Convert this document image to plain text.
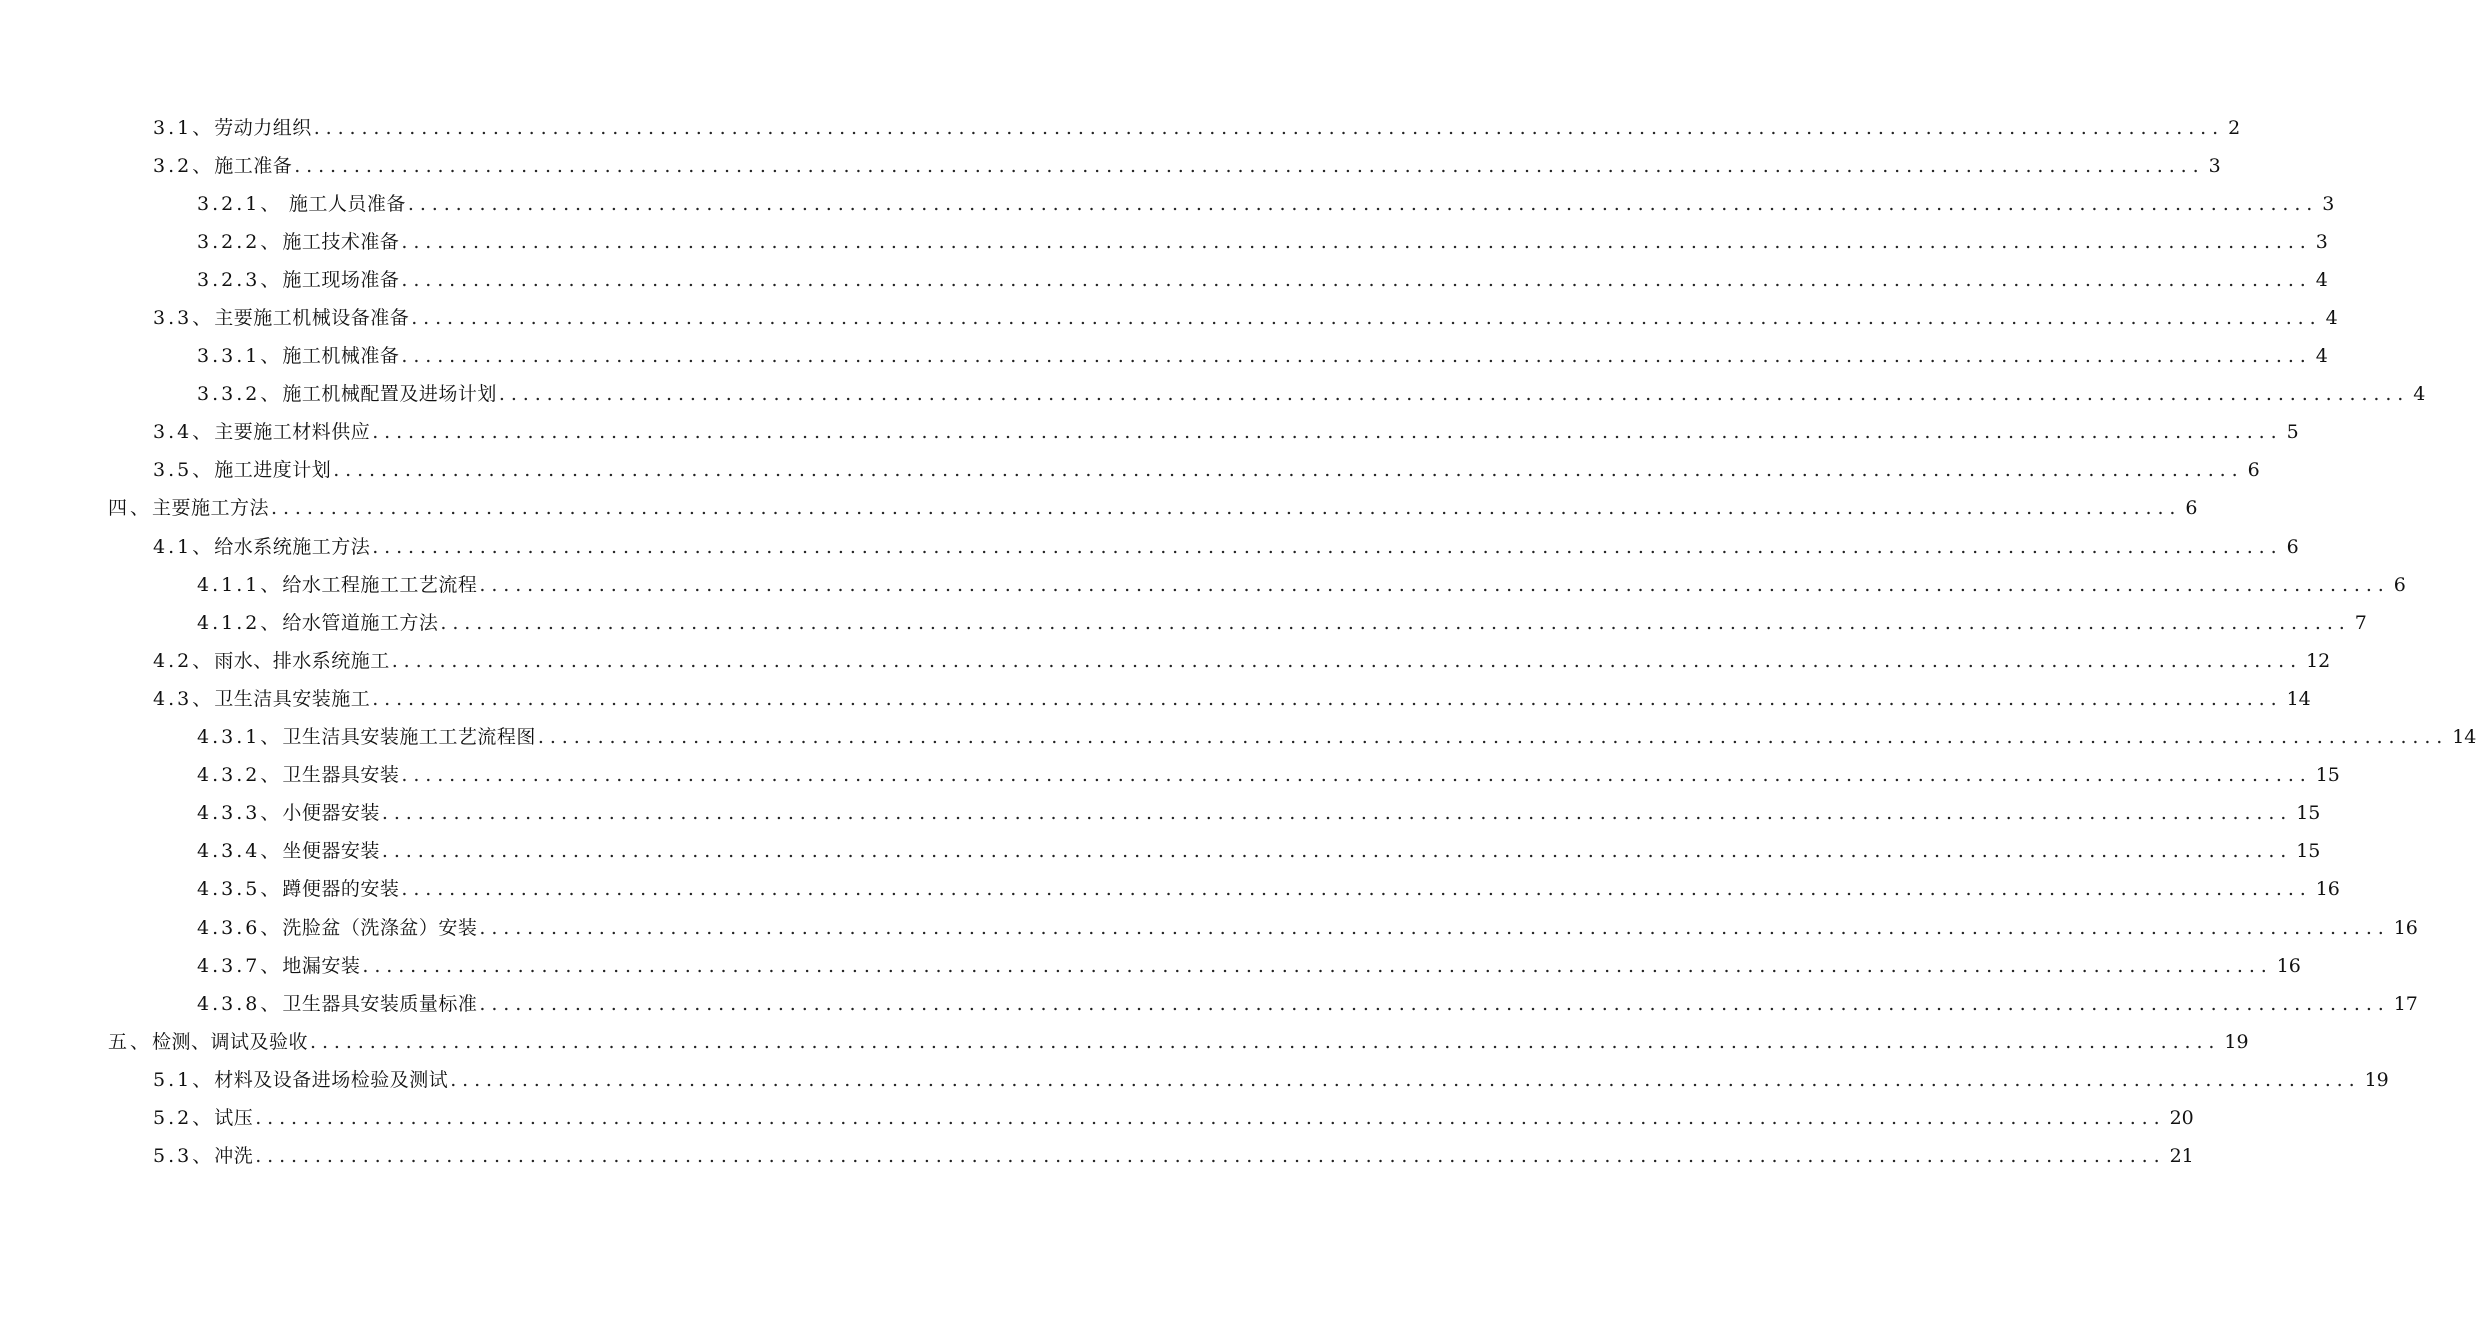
3.1、 劳动力组织 ................................................................................................................................................................ 2
3.2、 施工准备 ................................................................................................................................................................ 3
3.2.1、 施工人员准备 ................................................................................................................................................................ 3
3.2.2、 施工技术准备 ................................................................................................................................................................ 3
3.2.3、 施工现场准备 ................................................................................................................................................................ 4
3.3、 主要施工机械设备准备 ................................................................................................................................................................ 4
3.3.1、 施工机械准备 ................................................................................................................................................................ 4
3.3.2、 施工机械配置及进场计划 ................................................................................................................................................................ 4
3.4、 主要施工材料供应 ................................................................................................................................................................ 5
3.5、 施工进度计划 ................................................................................................................................................................ 6
四、 主要施工方法 ................................................................................................................................................................ 6
4.1、 给水系统施工方法 ................................................................................................................................................................ 6
4.1.1、 给水工程施工工艺流程 ................................................................................................................................................................ 6
4.1.2、 给水管道施工方法 ................................................................................................................................................................ 7
4.2、 雨水、排水系统施工 ................................................................................................................................................................ 12
4.3、 卫生洁具安装施工 ................................................................................................................................................................ 14
4.3.1、 卫生洁具安装施工工艺流程图 ................................................................................................................................................................ 14
4.3.2、 卫生器具安装 ................................................................................................................................................................ 15
4.3.3、 小便器安装 ................................................................................................................................................................ 15
4.3.4、 坐便器安装 ................................................................................................................................................................ 15
4.3.5、 蹲便器的安装 ................................................................................................................................................................ 16
4.3.6、 洗脸盆（洗涤盆）安装 ................................................................................................................................................................ 16
4.3.7、 地漏安装 ................................................................................................................................................................ 16
4.3.8、 卫生器具安装质量标准 ................................................................................................................................................................ 17
五、 检测、调试及验收 ................................................................................................................................................................ 19
5.1、 材料及设备进场检验及测试 ................................................................................................................................................................ 19
5.2、 试压 ................................................................................................................................................................ 20
5.3、 冲洗 ................................................................................................................................................................ 21
